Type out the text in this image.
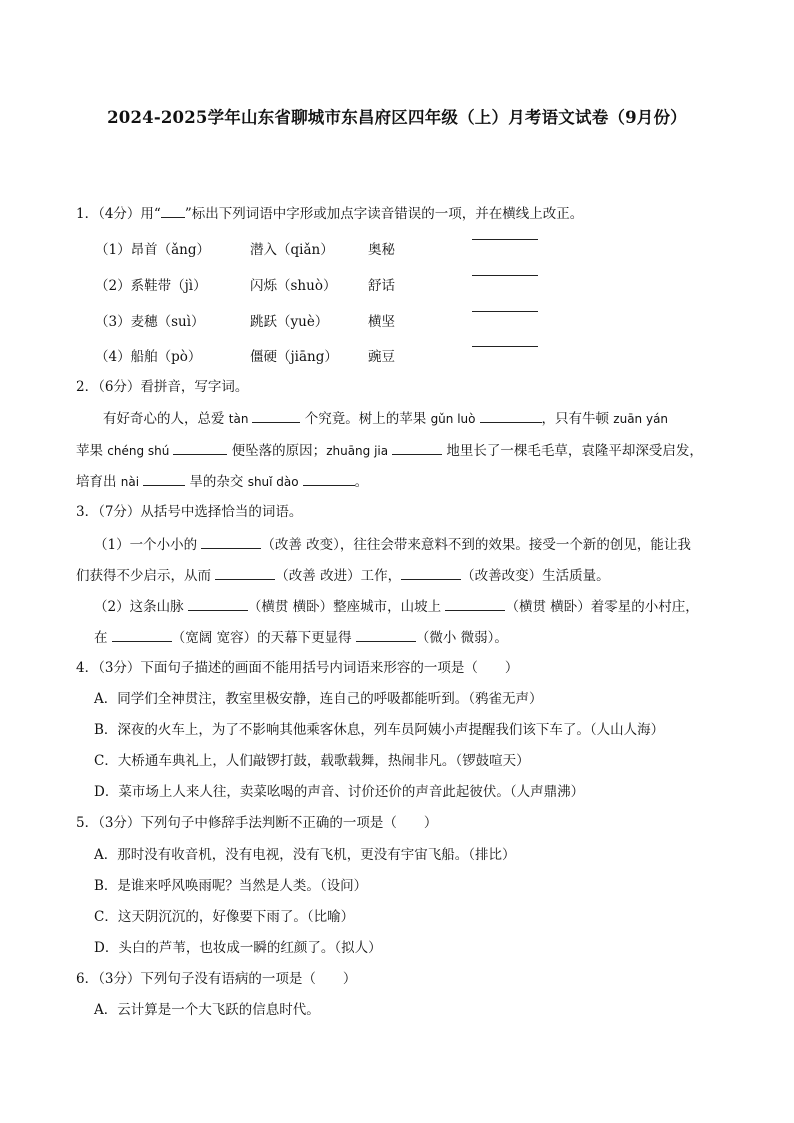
2024-2025学年山东省聊城市东昌府区四年级（上）月考语文试卷（9月份）
1．（4分）用“ ”标出下列词语中字形或加点字读音错误的一项，并在横线上改正。
（1）昂首（ǎng）	潜入（qiǎn）	奥秘
（2）系鞋带（jì）	闪烁（shuò） 舒话
（3）麦穗（suì）	跳跃（yuè）	横坚
（4）船舶（pò）	僵硬（jiāng） 豌豆
2．（6分）看拼音，写字词。
有好奇心的人，总爱 tàn	个究竟。树上的苹果 gǔn luò	，只有牛顿 zuān yán
苹果 chéng shú	便坠落的原因；zhuāng jia	地里长了一棵毛毛草，袁隆平却深受启发，
培育出 nài	旱的杂交 shuǐ dào	。
3．（7分）从括号中选择恰当的词语。
（1）一个小小的	（改善 改变），往往会带来意料不到的效果。接受一个新的创见，能让我
们获得不少启示，从而	（改善 改进）工作，	（改善改变）生活质量。
（2）这条山脉	（横贯 横卧）整座城市，山坡上	（横贯 横卧）着零星的小村庄，
在	（宽阔 宽容）的天幕下更显得	（微小 微弱）。
4．（3分）下面句子描述的画面不能用括号内词语来形容的一项是（　　）
A．同学们全神贯注，教室里极安静，连自己的呼吸都能听到。（鸦雀无声）
B．深夜的火车上，为了不影响其他乘客休息，列车员阿姨小声提醒我们该下车了。（人山人海）
C．大桥通车典礼上，人们敲锣打鼓，载歌载舞，热闹非凡。（锣鼓喧天）
D．菜市场上人来人往，卖菜吆喝的声音、讨价还价的声音此起彼伏。（人声鼎沸）
5．（3分）下列句子中修辞手法判断不正确的一项是（　　）
A．那时没有收音机，没有电视，没有飞机，更没有宇宙飞船。（排比）
B．是谁来呼风唤雨呢？当然是人类。（设问）
C．这天阴沉沉的，好像要下雨了。（比喻）
D．头白的芦苇，也妆成一瞬的红颜了。（拟人）
6．（3分）下列句子没有语病的一项是（　　）
A．云计算是一个大飞跃的信息时代。
